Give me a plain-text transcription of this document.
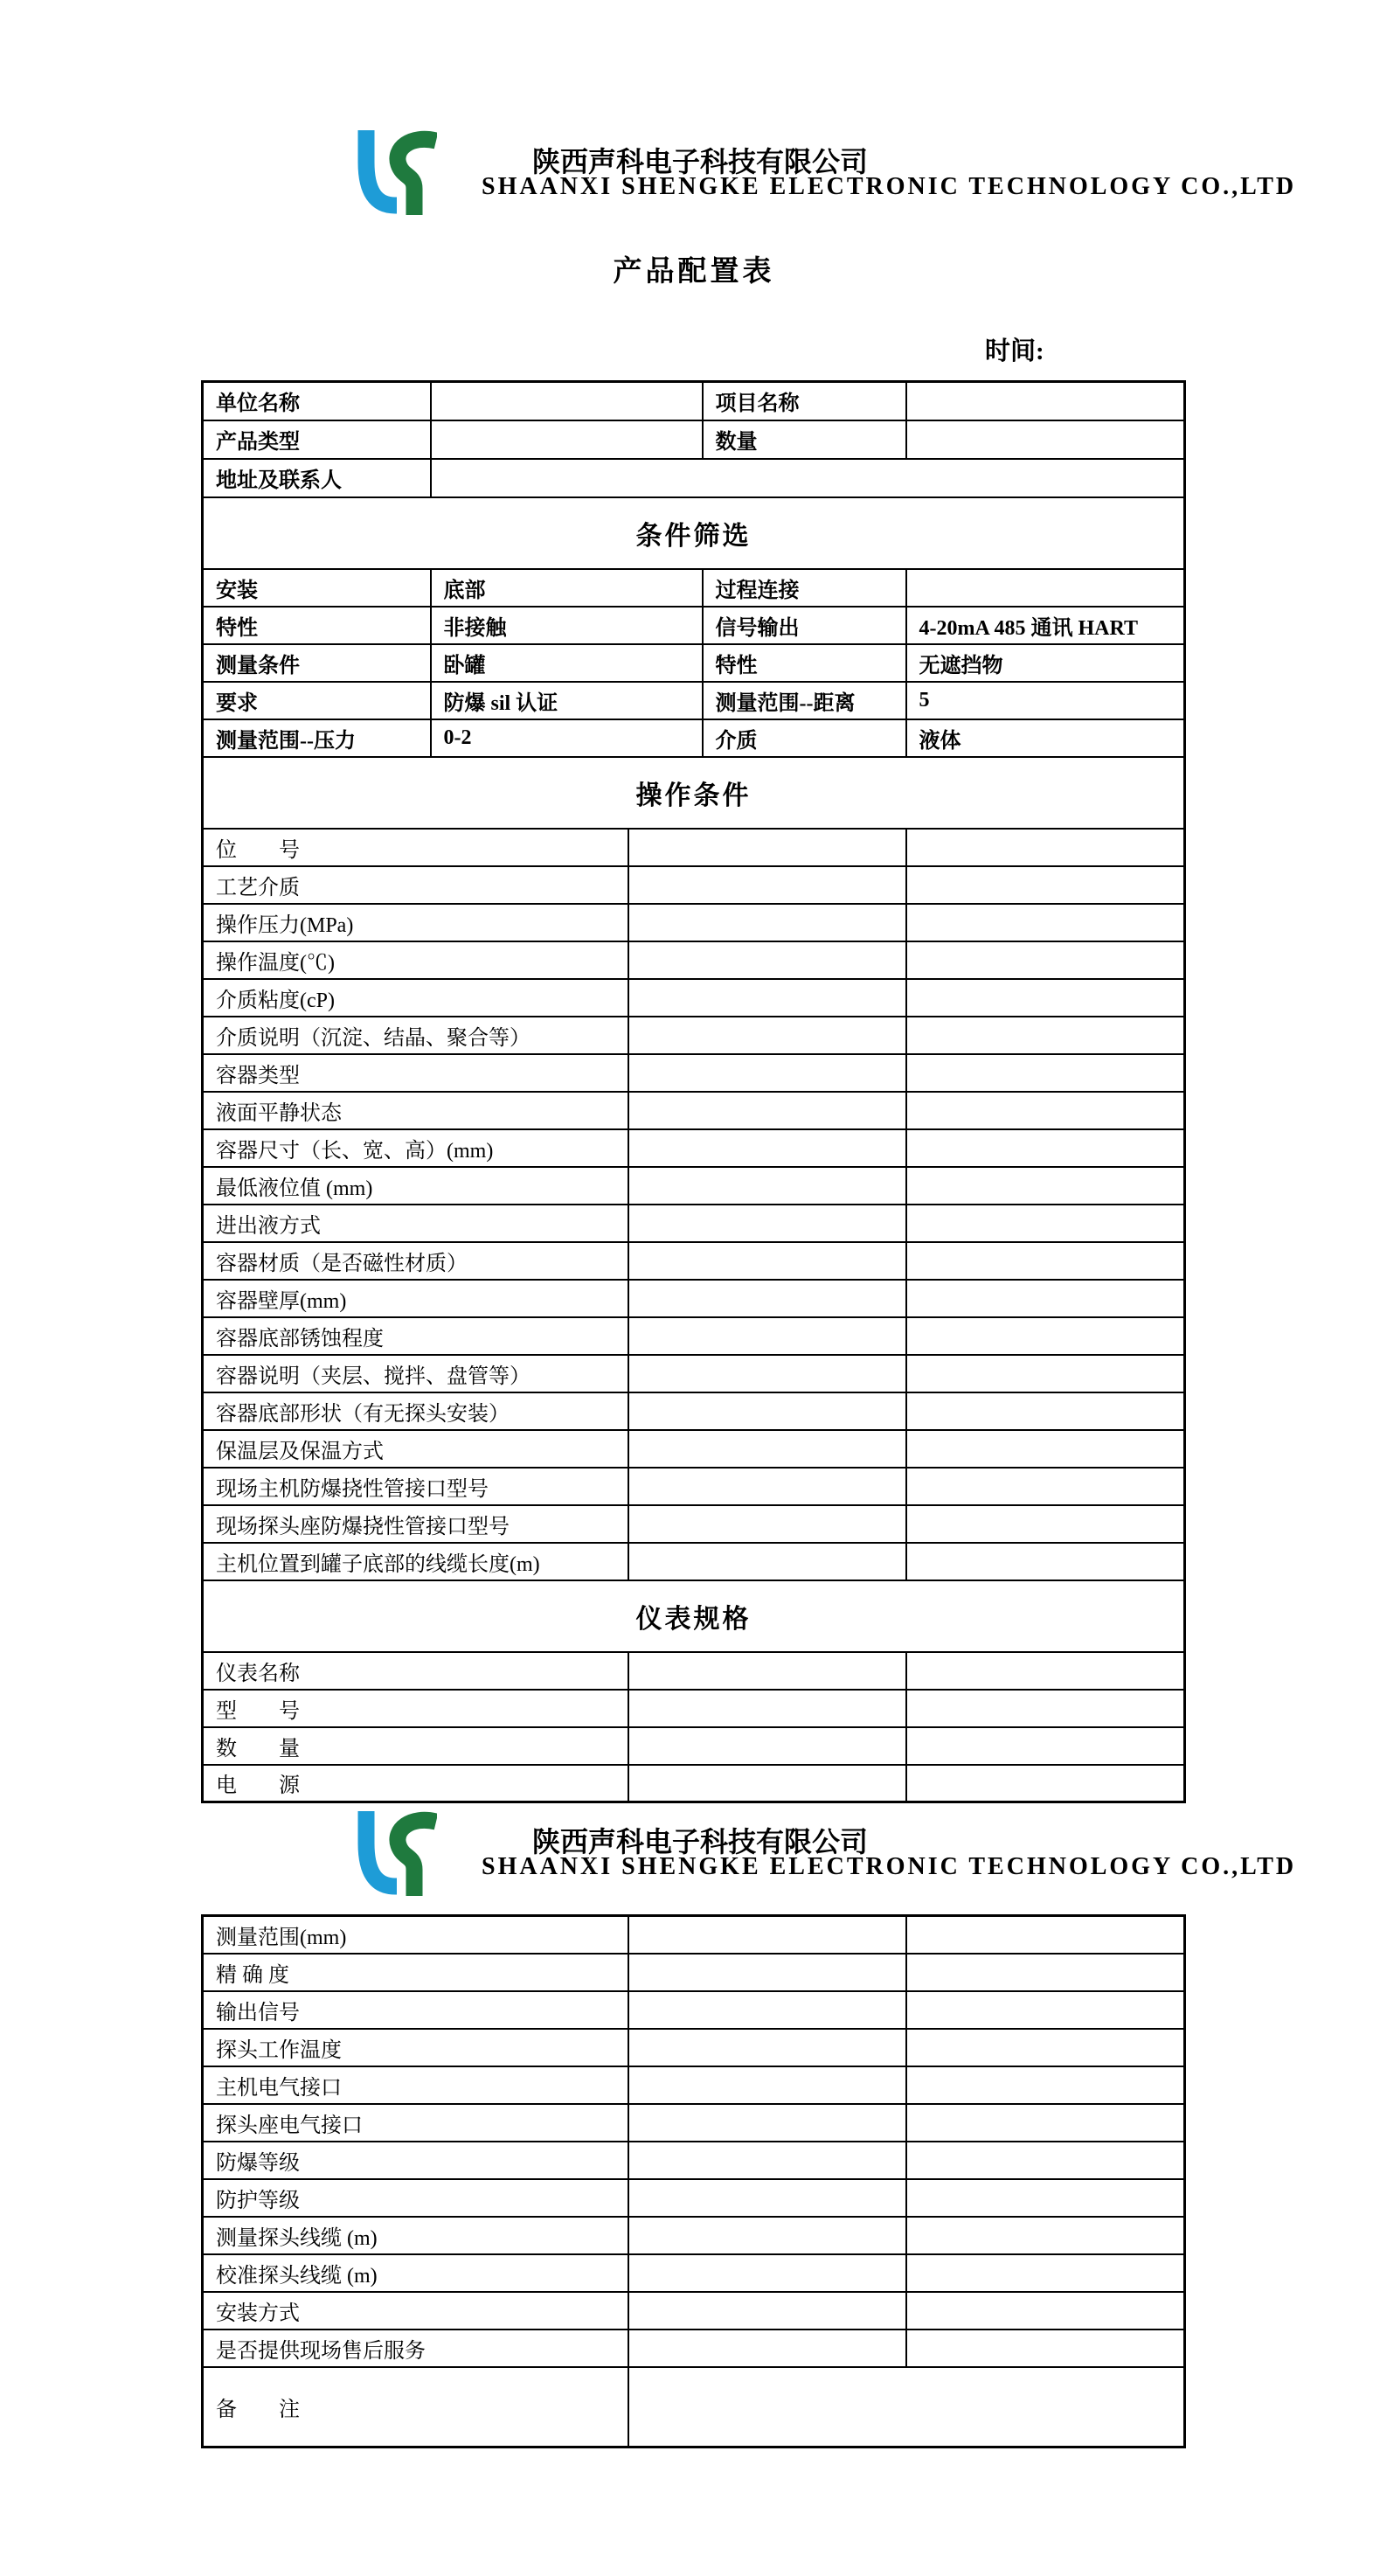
陕西声科电子科技有限公司
SHAANXI SHENGKE ELECTRONIC TECHNOLOGY CO.,LTD
产品配置表
时间:
单位名称			项目名称	
产品类型			数量	
地址及联系人				
条件筛选				
安装	底部		过程连接	
特性	非接触		信号输出	4-20mA 485 通讯 HART
测量条件	卧罐		特性	无遮挡物
要求	防爆 sil 认证		测量范围--距离	5
测量范围--压力	0-2		介质	液体
操作条件				
位　　号				
工艺介质				
操作压力(MPa)				
操作温度(℃)				
介质粘度(cP)				
介质说明（沉淀、结晶、聚合等）				
容器类型				
液面平静状态				
容器尺寸（长、宽、高）(mm)				
最低液位值 (mm)				
进出液方式				
容器材质（是否磁性材质）				
容器壁厚(mm)				
容器底部锈蚀程度				
容器说明（夹层、搅拌、盘管等）				
容器底部形状（有无探头安装）				
保温层及保温方式				
现场主机防爆挠性管接口型号				
现场探头座防爆挠性管接口型号				
主机位置到罐子底部的线缆长度(m)				
仪表规格				
仪表名称				
型　　号				
数　　量				
电　　源				
陕西声科电子科技有限公司
SHAANXI SHENGKE ELECTRONIC TECHNOLOGY CO.,LTD
测量范围(mm)		
精 确 度		
输出信号		
探头工作温度		
主机电气接口		
探头座电气接口		
防爆等级		
防护等级		
测量探头线缆 (m)		
校准探头线缆 (m)		
安装方式		
是否提供现场售后服务		
备　　注		
